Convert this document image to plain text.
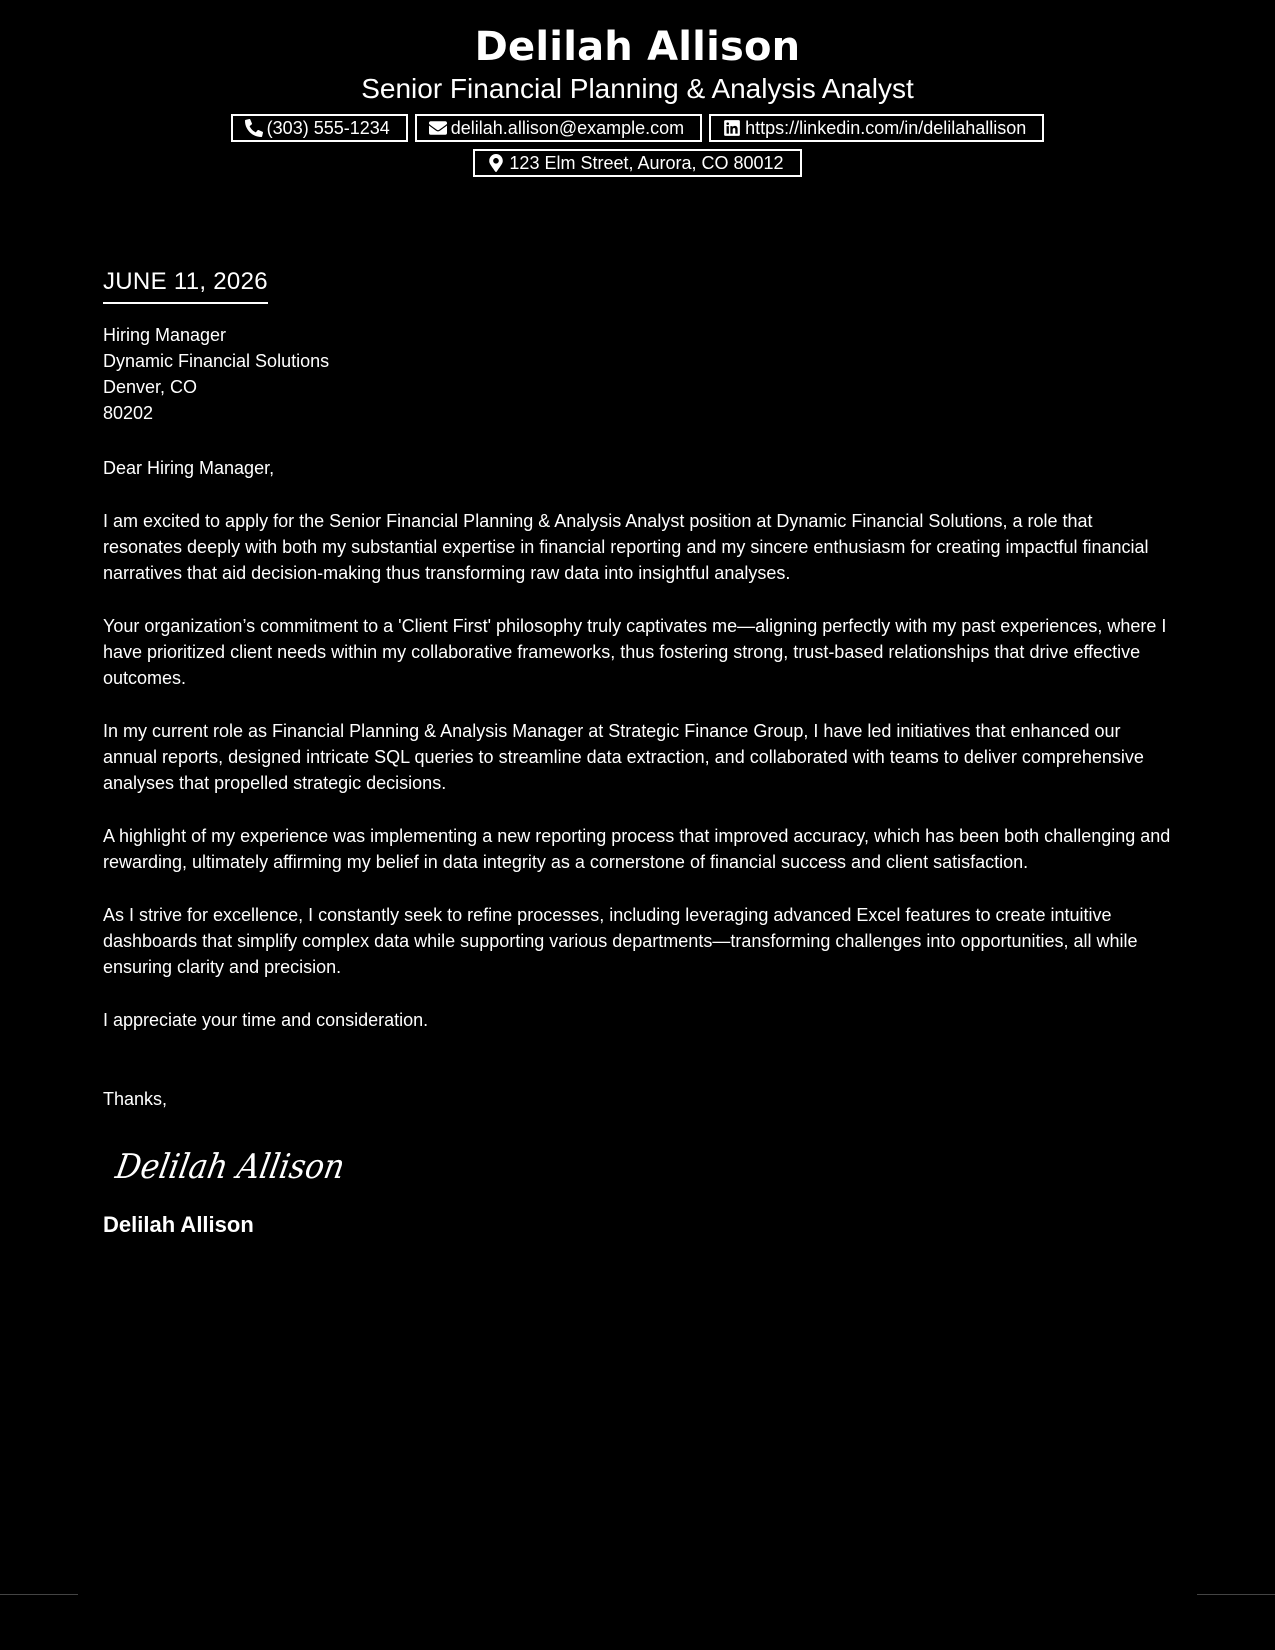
Delilah Allison
Senior Financial Planning & Analysis Analyst
(303) 555-1234	delilah.allison@example.com	https://linkedin.com/in/delilahallison
123 Elm Street, Aurora, CO 80012
JUNE 11, 2026
Hiring Manager
Dynamic Financial Solutions
Denver, CO
80202
Dear Hiring Manager,

I am excited to apply for the Senior Financial Planning & Analysis Analyst position at Dynamic Financial Solutions, a role that resonates deeply with both my substantial expertise in financial reporting and my sincere enthusiasm for creating impactful financial narratives that aid decision-making thus transforming raw data into insightful analyses.

Your organization’s commitment to a 'Client First' philosophy truly captivates me—aligning perfectly with my past experiences, where I have prioritized client needs within my collaborative frameworks, thus fostering strong, trust-based relationships that drive effective outcomes.

In my current role as Financial Planning & Analysis Manager at Strategic Finance Group, I have led initiatives that enhanced our annual reports, designed intricate SQL queries to streamline data extraction, and collaborated with teams to deliver comprehensive analyses that propelled strategic decisions.

A highlight of my experience was implementing a new reporting process that improved accuracy, which has been both challenging and rewarding, ultimately affirming my belief in data integrity as a cornerstone of financial success and client satisfaction.

As I strive for excellence, I constantly seek to refine processes, including leveraging advanced Excel features to create intuitive dashboards that simplify complex data while supporting various departments—transforming challenges into opportunities, all while ensuring clarity and precision.

I appreciate your time and consideration.

Thanks,
Delilah Allison
Delilah Allison
